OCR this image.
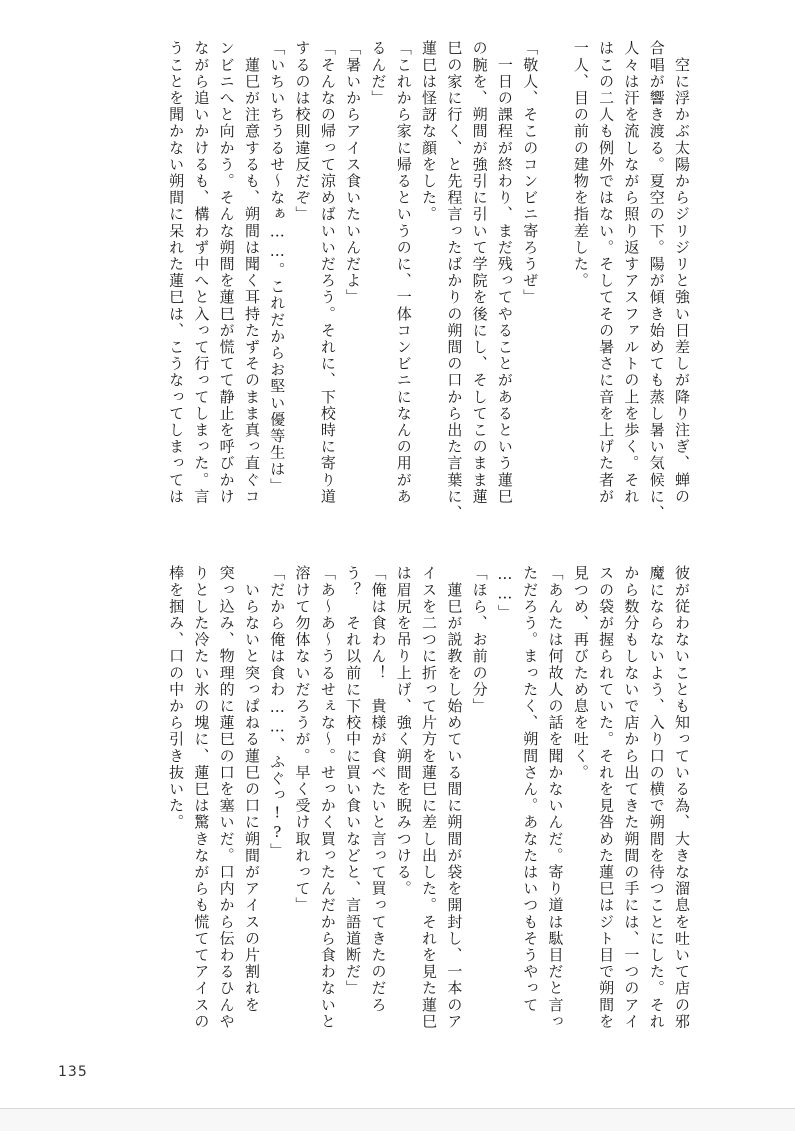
　空に浮かぶ太陽からジリジリと強い日差しが降り注ぎ、蝉の

合唱が響き渡る。夏空の下。陽が傾き始めても蒸し暑い気候に、

人々は汗を流しながら照り返すアスファルトの上を歩く。それ

はこの二人も例外ではない。そしてその暑さに音を上げた者が

一人、目の前の建物を指差した。

「敬人、そこのコンビニ寄ろうぜ」

　一日の課程が終わり、まだ残ってやることがあるという蓮巳

の腕を、朔間が強引に引いて学院を後にし、そしてこのまま蓮

巳の家に行く、と先程言ったばかりの朔間の口から出た言葉に、

蓮巳は怪訝な顔をした。

「これから家に帰るというのに、一体コンビニになんの用があ

るんだ」

「暑いからアイス食いたいんだよ」

「そんなの帰って涼めばいいだろう。それに、下校時に寄り道

するのは校則違反だぞ」

「いちいちうるせ～なぁ……。これだからお堅い優等生は」

　蓮巳が注意するも、朔間は聞く耳持たずそのまま真っ直ぐコ

ンビニへと向かう。そんな朔間を蓮巳が慌てて静止を呼びかけ

ながら追いかけるも、構わず中へと入って行ってしまった。言

うことを聞かない朔間に呆れた蓮巳は、こうなってしまっては

彼が従わないことも知っている為、大きな溜息を吐いて店の邪

魔にならないよう、入り口の横で朔間を待つことにした。それ

から数分もしないで店から出てきた朔間の手には、一つのアイ

スの袋が握られていた。それを見咎めた蓮巳はジト目で朔間を

見つめ、再びため息を吐く。

「あんたは何故人の話を聞かないんだ。寄り道は駄目だと言っ

ただろう。まったく、朔間さん。あなたはいつもそうやって

……」

「ほら、お前の分」

　蓮巳が説教をし始めている間に朔間が袋を開封し、一本のア

イスを二つに折って片方を蓮巳に差し出した。それを見た蓮巳

は眉尻を吊り上げ、強く朔間を睨みつける。

「俺は食わん！　貴様が食べたいと言って買ってきたのだろ

う？　それ以前に下校中に買い食いなどと、言語道断だ」

「あ～あ～うるせぇな～。せっかく買ったんだから食わないと

溶けて勿体ないだろうが。早く受け取れって」

「だから俺は食わ……、ふぐっ!?」

　いらないと突っぱねる蓮巳の口に朔間がアイスの片割れを

突っ込み、物理的に蓮巳の口を塞いだ。口内から伝わるひんや

りとした冷たい氷の塊に、蓮巳は驚きながらも慌ててアイスの

棒を掴み、口の中から引き抜いた。

135
